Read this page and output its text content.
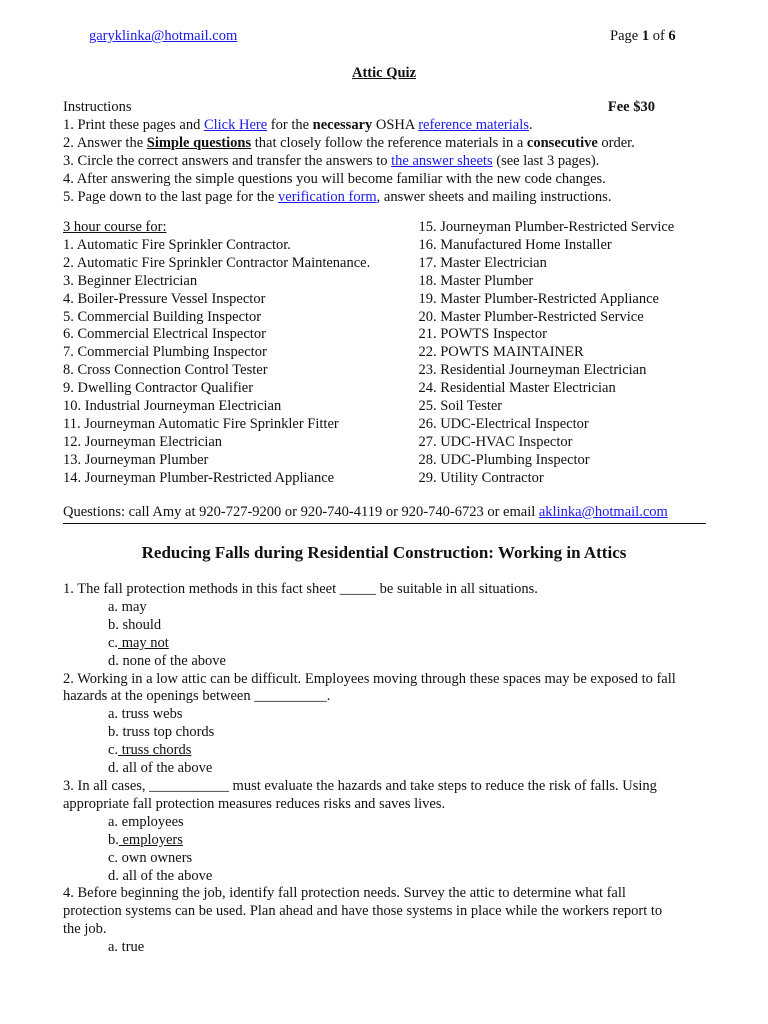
garyklinka@hotmail.com	Page 1 of 6
Attic Quiz
Instructions	Fee $30
1. Print these pages and Click Here for the necessary OSHA reference materials.
2. Answer the Simple questions that closely follow the reference materials in a consecutive order.
3. Circle the correct answers and transfer the answers to the answer sheets (see last 3 pages).
4. After answering the simple questions you will become familiar with the new code changes.
5. Page down to the last page for the verification form, answer sheets and mailing instructions.
3 hour course for:
1. Automatic Fire Sprinkler Contractor.
2. Automatic Fire Sprinkler Contractor Maintenance.
3. Beginner Electrician
4. Boiler-Pressure Vessel Inspector
5. Commercial Building Inspector
6. Commercial Electrical Inspector
7. Commercial Plumbing Inspector
8. Cross Connection Control Tester
9. Dwelling Contractor Qualifier
10. Industrial Journeyman Electrician
11. Journeyman Automatic Fire Sprinkler Fitter
12. Journeyman Electrician
13. Journeyman Plumber
14. Journeyman Plumber-Restricted Appliance
15. Journeyman Plumber-Restricted Service
16. Manufactured Home Installer
17. Master Electrician
18. Master Plumber
19. Master Plumber-Restricted Appliance
20. Master Plumber-Restricted Service
21. POWTS Inspector
22. POWTS MAINTAINER
23. Residential Journeyman Electrician
24. Residential Master Electrician
25. Soil Tester
26. UDC-Electrical Inspector
27. UDC-HVAC Inspector
28. UDC-Plumbing Inspector
29. Utility Contractor
Questions: call Amy at 920-727-9200 or 920-740-4119 or 920-740-6723 or email aklinka@hotmail.com
Reducing Falls during Residential Construction: Working in Attics
1. The fall protection methods in this fact sheet _____ be suitable in all situations.
a. may
b. should
c. may not
d. none of the above
2. Working in a low attic can be difficult. Employees moving through these spaces may be exposed to fall
hazards at the openings between __________.
a. truss webs
b. truss top chords
c. truss chords
d. all of the above
3. In all cases, ___________ must evaluate the hazards and take steps to reduce the risk of falls. Using
appropriate fall protection measures reduces risks and saves lives.
a. employees
b. employers
c. own owners
d. all of the above
4. Before beginning the job, identify fall protection needs. Survey the attic to determine what fall
protection systems can be used. Plan ahead and have those systems in place while the workers report to
the job.
a. true
